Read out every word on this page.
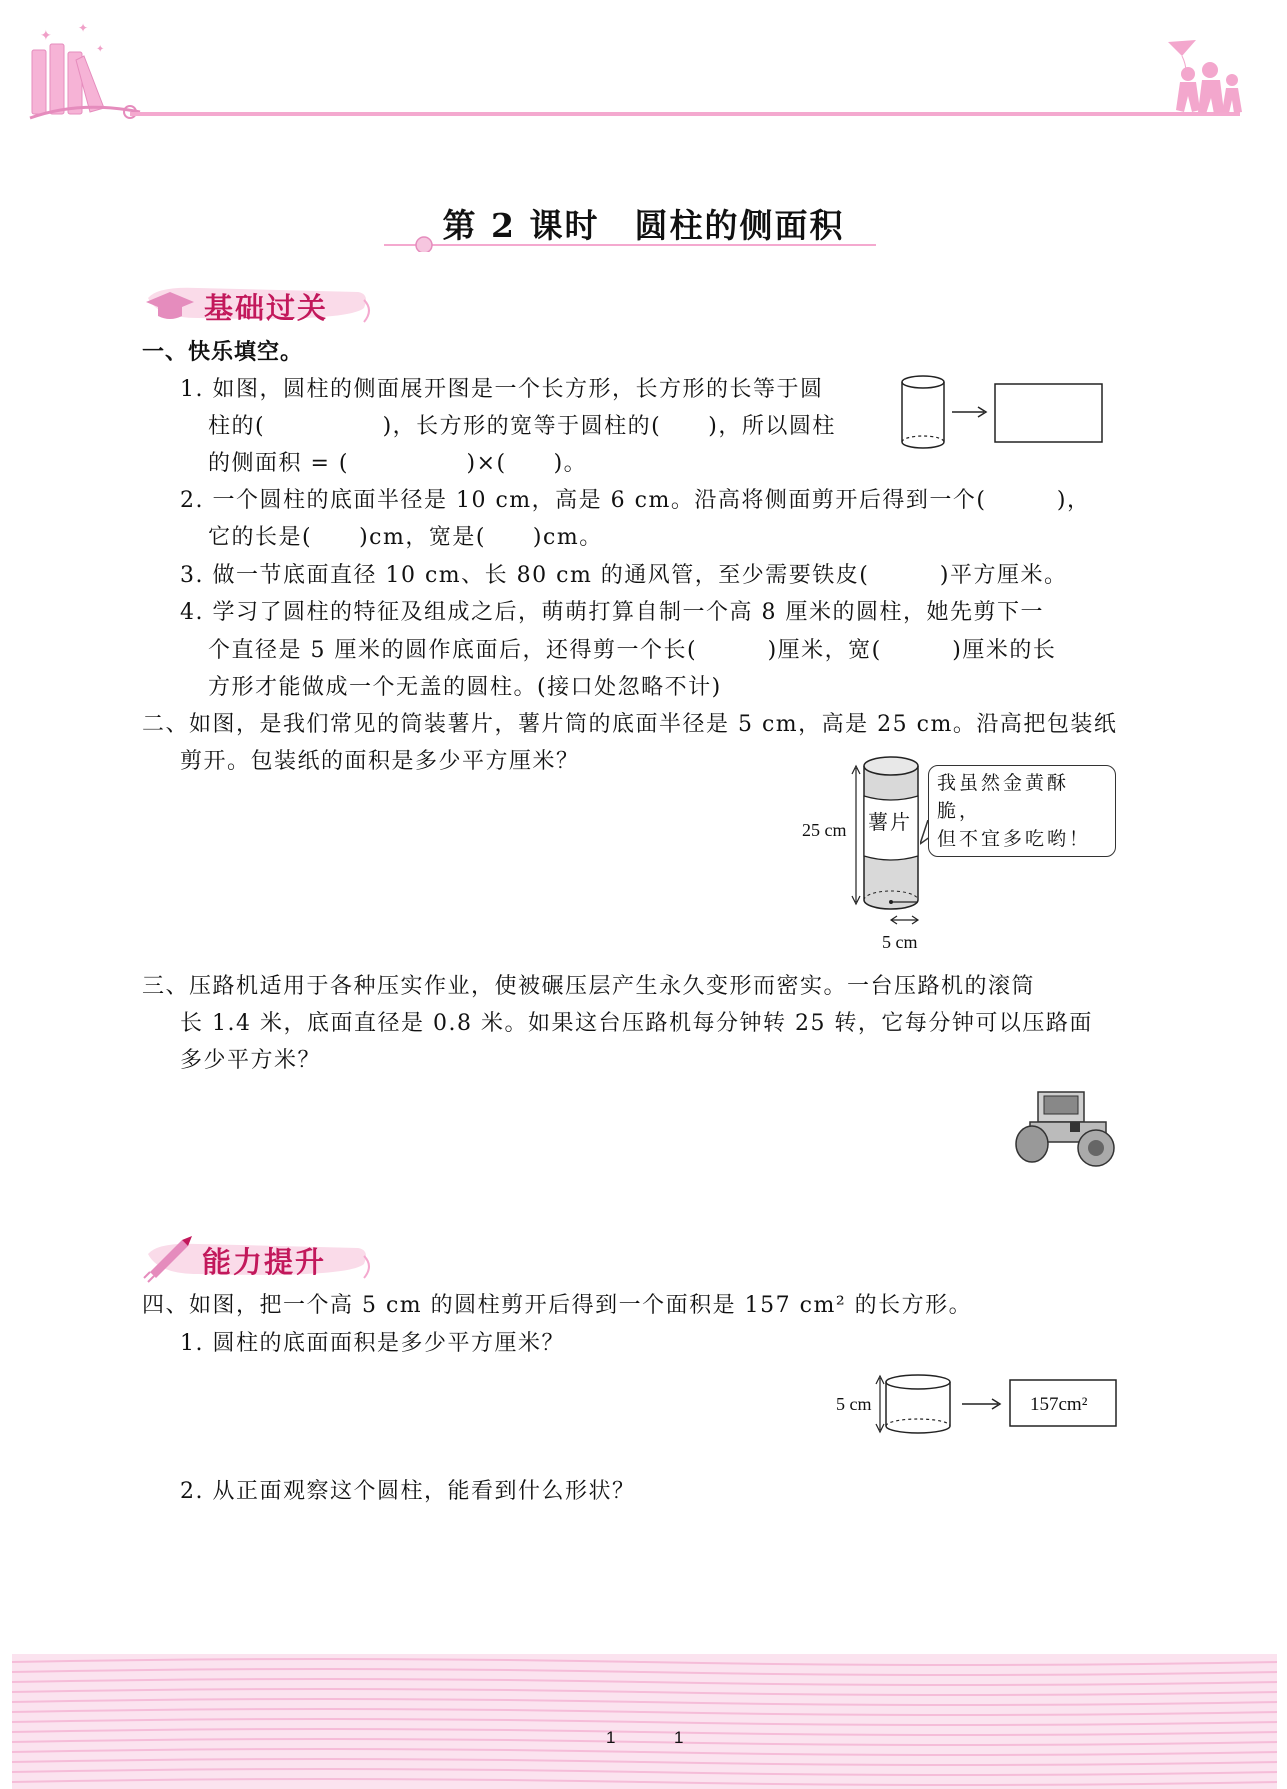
✦ ✦
✦
第 2 课时　圆柱的侧面积
基础过关
一、快乐填空。
1. 如图，圆柱的侧面展开图是一个长方形，长方形的长等于圆
柱的(　　　　　)，长方形的宽等于圆柱的(　　)，所以圆柱
的侧面积 = (　　　　　)×(　　)。
2. 一个圆柱的底面半径是 10 cm，高是 6 cm。沿高将侧面剪开后得到一个(　　　)，
它的长是(　　)cm，宽是(　　)cm。
3. 做一节底面直径 10 cm、长 80 cm 的通风管，至少需要铁皮(　　　)平方厘米。
4. 学习了圆柱的特征及组成之后，萌萌打算自制一个高 8 厘米的圆柱，她先剪下一
个直径是 5 厘米的圆作底面后，还得剪一个长(　　　)厘米，宽(　　　)厘米的长
方形才能做成一个无盖的圆柱。(接口处忽略不计)
二、如图，是我们常见的筒装薯片，薯片筒的底面半径是 5 cm，高是 25 cm。沿高把包装纸
剪开。包装纸的面积是多少平方厘米？
薯片
25 cm
5 cm
我虽然金黄酥脆，
但不宜多吃哟！
三、压路机适用于各种压实作业，使被碾压层产生永久变形而密实。一台压路机的滚筒
长 1.4 米，底面直径是 0.8 米。如果这台压路机每分钟转 25 转，它每分钟可以压路面
多少平方米？
能力提升
四、如图，把一个高 5 cm 的圆柱剪开后得到一个面积是 157 cm² 的长方形。
1. 圆柱的底面面积是多少平方厘米？
5 cm	157cm²
2. 从正面观察这个圆柱，能看到什么形状？
1	1
